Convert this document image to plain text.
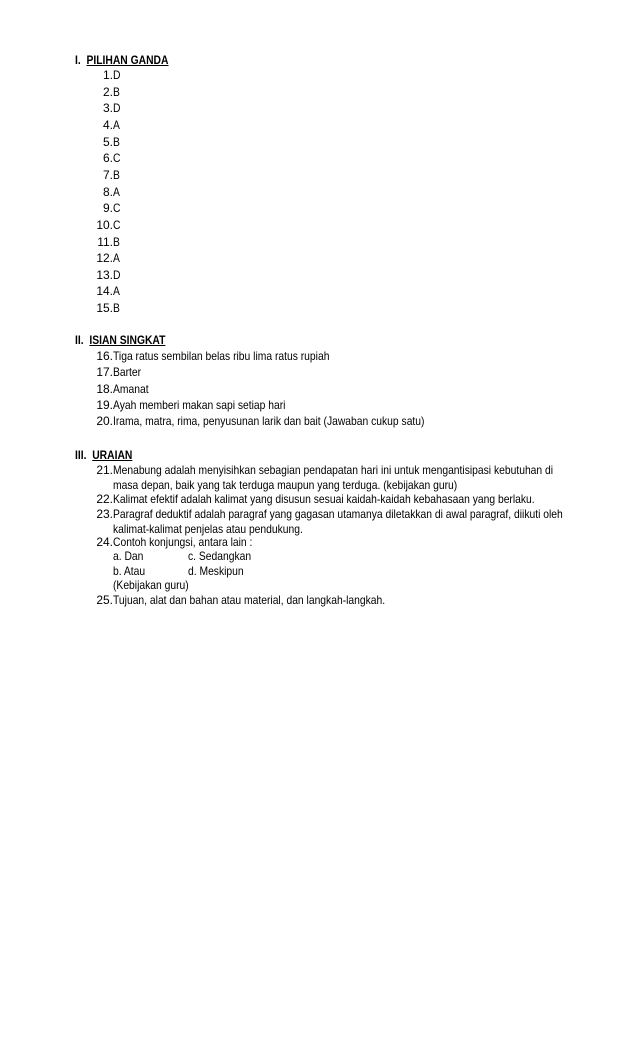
I. PILIHAN GANDA
1. D
2. B
3. D
4. A
5. B
6. C
7. B
8. A
9. C
10. C
11. B
12. A
13. D
14. A
15. B
II. ISIAN SINGKAT
16. Tiga ratus sembilan belas ribu lima ratus rupiah
17. Barter
18. Amanat
19. Ayah memberi makan sapi setiap hari
20. Irama, matra, rima, penyusunan larik dan bait (Jawaban cukup satu)
III. URAIAN
21. Menabung adalah menyisihkan sebagian pendapatan hari ini untuk mengantisipasi kebutuhan di
masa depan, baik yang tak terduga maupun yang terduga. (kebijakan guru)
22. Kalimat efektif adalah kalimat yang disusun sesuai kaidah-kaidah kebahasaan yang berlaku.
23. Paragraf deduktif adalah paragraf yang gagasan utamanya diletakkan di awal paragraf, diikuti oleh
kalimat-kalimat penjelas atau pendukung.
24. Contoh konjungsi, antara lain :
25. Tujuan, alat dan bahan atau material, dan langkah-langkah.
a. Dan	c. Sedangkan
b. Atau	d. Meskipun
(Kebijakan guru)
